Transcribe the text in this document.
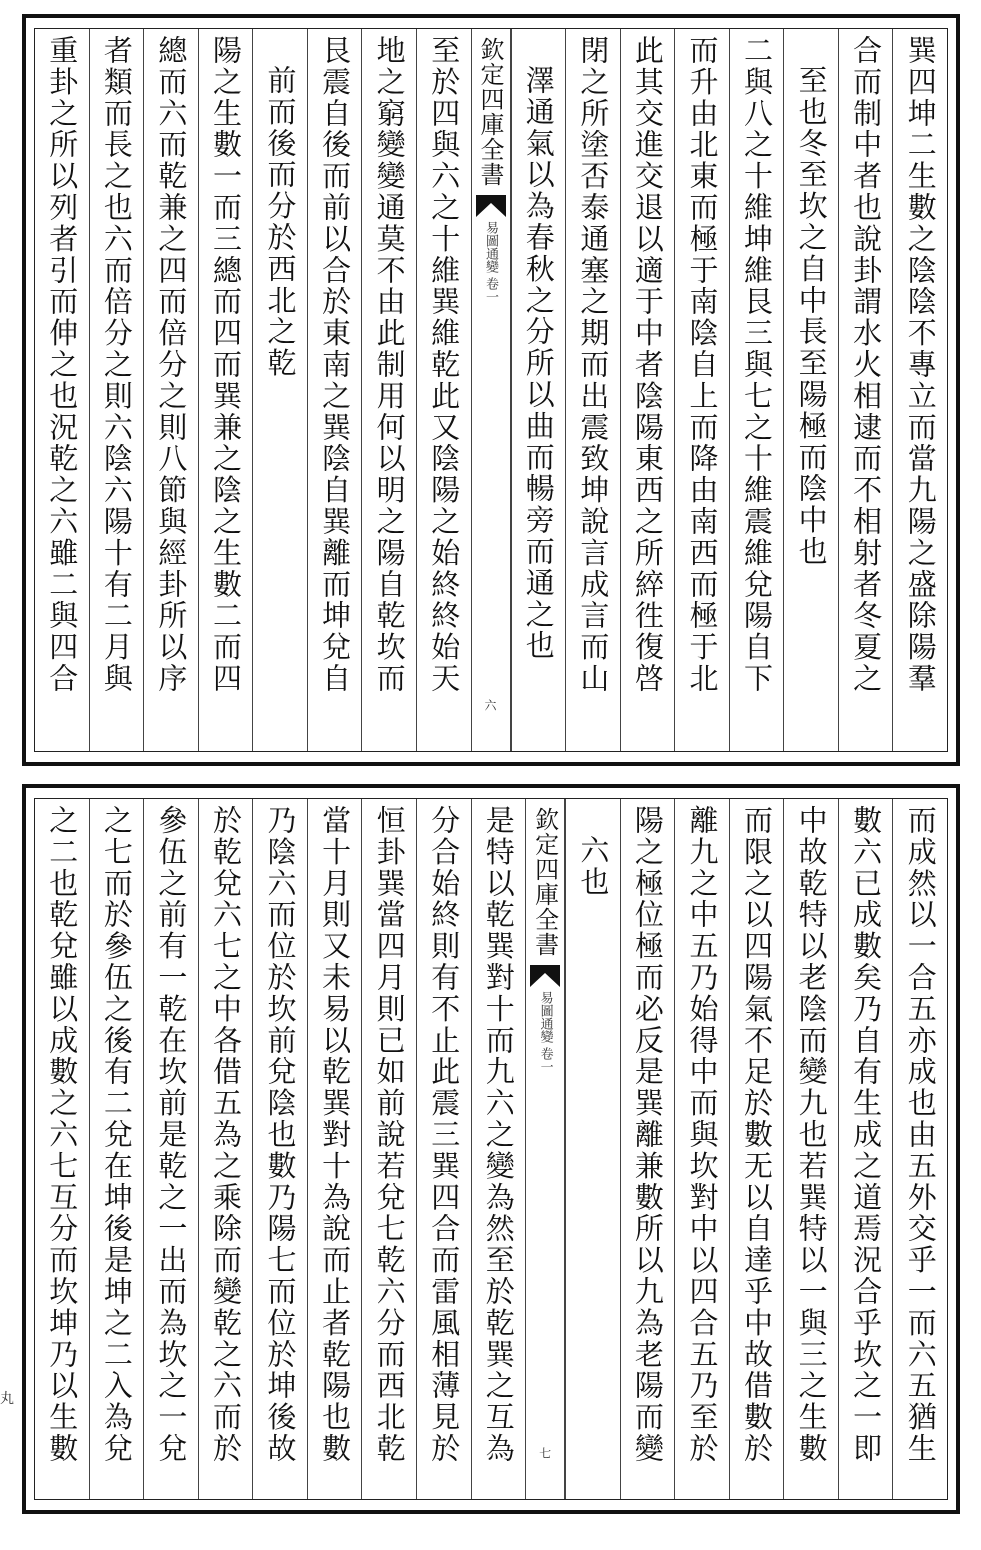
巽四坤二生數之陰陰不專立而當九陽之盛除陽羣
合而制中者也說卦謂水火相逮而不相射者冬夏之
至也冬至坎之自中長至陽極而陰中也
二與八之十維坤維艮三與七之十維震維兌陽自下
而升由北東而極于南陰自上而降由南西而極于北
此其交進交退以適于中者陰陽東西之所綷徃復啓
閉之所塗否泰通塞之期而出震致坤說言成言而山
澤通氣以為春秋之分所以曲而暢旁而通之也
欽定四庫全書
易圖通變
卷一
六
至於四與六之十維巽維乾此又陰陽之始終終始天
地之窮變變通莫不由此制用何以明之陽自乾坎而
艮震自後而前以合於東南之巽陰自巽離而坤兌自
前而後而分於西北之乾
陽之生數一而三總而四而巽兼之陰之生數二而四
總而六而乾兼之四而倍分之則八節與經卦所以序
者類而長之也六而倍分之則六陰六陽十有二月與
重卦之所以列者引而伸之也況乾之六雖二與四合
而成然以一合五亦成也由五外交乎一而六五猶生
數六已成數矣乃自有生成之道焉況合乎坎之一即
中故乾特以老陰而變九也若巽特以一與三之生數
而限之以四陽氣不足於數无以自達乎中故借數於
離九之中五乃始得中而與坎對中以四合五乃至於
陽之極位極而必反是巽離兼數所以九為老陽而變
六也
欽定四庫全書
易圖通變
卷一
七
是特以乾巽對十而九六之變為然至於乾巽之互為
分合始終則有不止此震三巽四合而雷風相薄見於
恒卦巽當四月則已如前說若兌七乾六分而西北乾
當十月則又未易以乾巽對十為說而止者乾陽也數
乃陰六而位於坎前兌陰也數乃陽七而位於坤後故
於乾兌六七之中各借五為之乘除而變乾之六而於
參伍之前有一乾在坎前是乾之一出而為坎之一兌
之七而於參伍之後有二兌在坤後是坤之二入為兌
之二也乾兌雖以成數之六七互分而坎坤乃以生數
丸
